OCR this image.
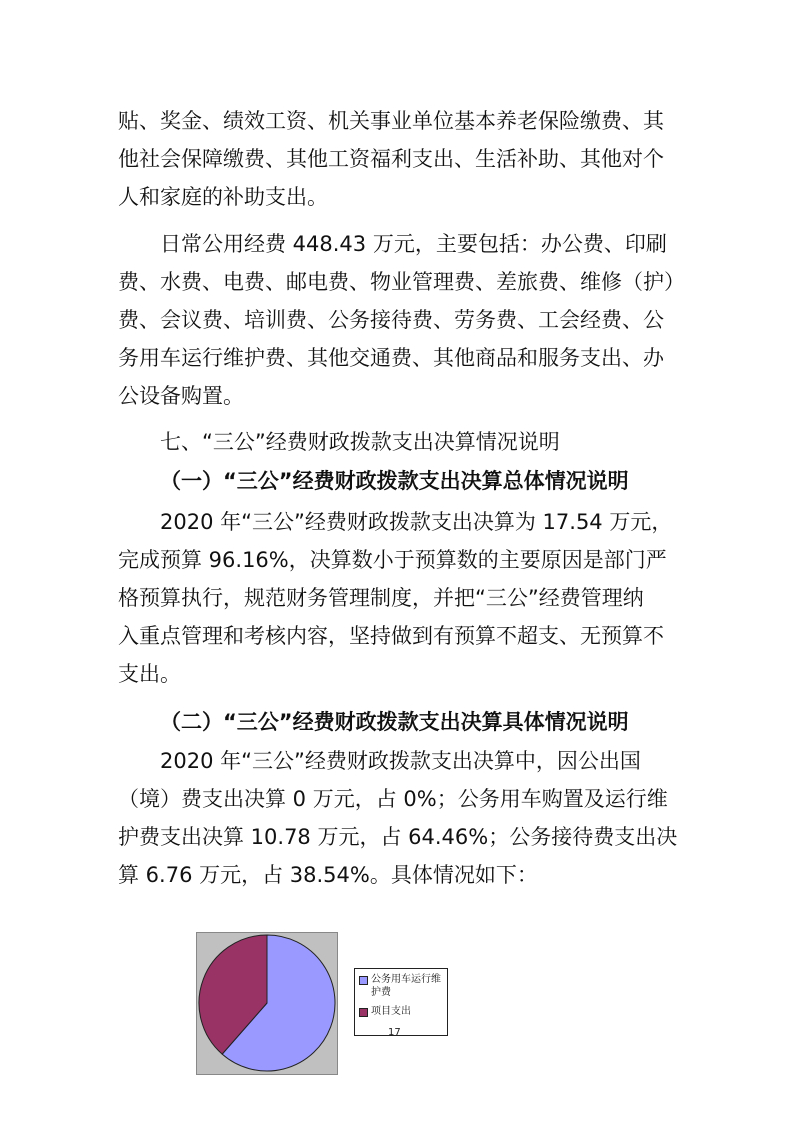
贴、奖金、绩效工资、机关事业单位基本养老保险缴费、其
他社会保障缴费、其他工资福利支出、生活补助、其他对个
人和家庭的补助支出。

日常公用经费 448.43 万元，主要包括：办公费、印刷
费、水费、电费、邮电费、物业管理费、差旅费、维修（护）
费、会议费、培训费、公务接待费、劳务费、工会经费、公
务用车运行维护费、其他交通费、其他商品和服务支出、办
公设备购置。

七、“三公”经费财政拨款支出决算情况说明

（一）“三公”经费财政拨款支出决算总体情况说明

2020 年“三公”经费财政拨款支出决算为 17.54 万元，
完成预算 96.16%，决算数小于预算数的主要原因是部门严
格预算执行，规范财务管理制度，并把“三公”经费管理纳
入重点管理和考核内容，坚持做到有预算不超支、无预算不
支出。

（二）“三公”经费财政拨款支出决算具体情况说明

2020 年“三公”经费财政拨款支出决算中，因公出国
（境）费支出决算 0 万元，占 0%；公务用车购置及运行维
护费支出决算 10.78 万元，占 64.46%；公务接待费支出决
算 6.76 万元，占 38.54%。具体情况如下：

公务用车运行维护费
项目支出
17
